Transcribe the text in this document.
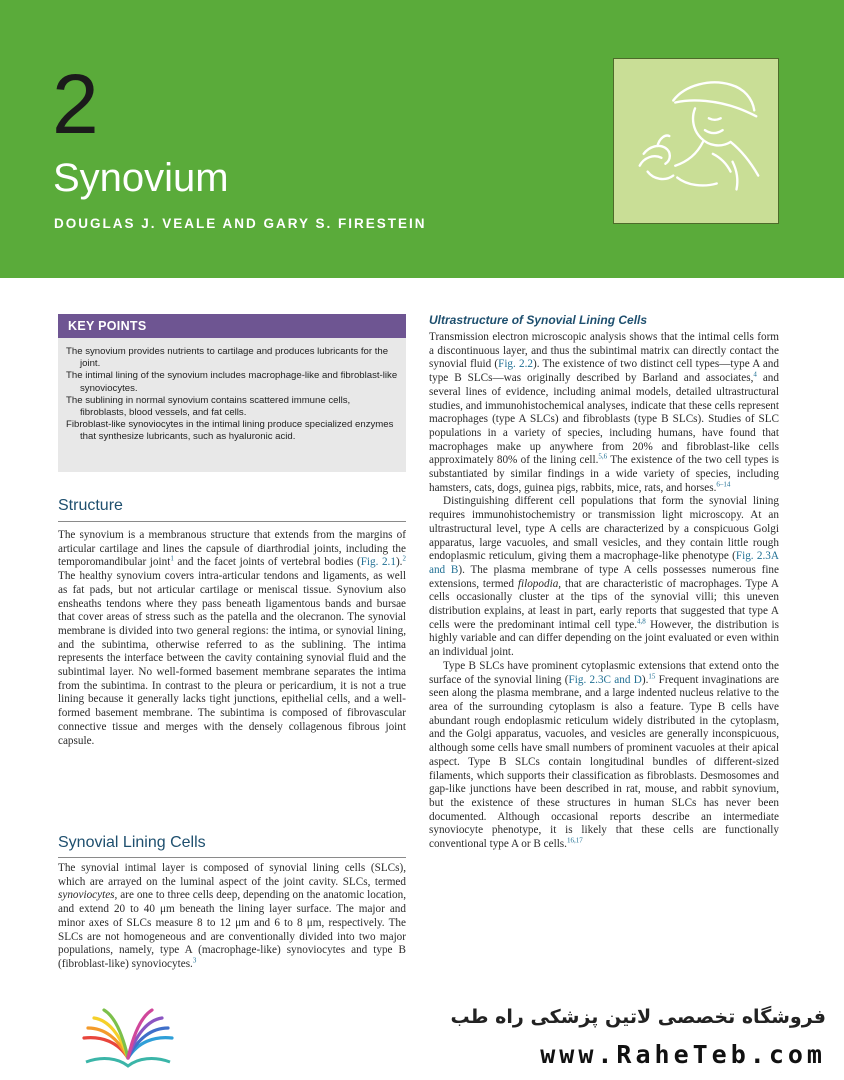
2
Synovium
DOUGLAS J. VEALE AND GARY S. FIRESTEIN
KEY POINTS
The synovium provides nutrients to cartilage and produces lubricants for the joint.
The intimal lining of the synovium includes macrophage-like and fibroblast-like synoviocytes.
The sublining in normal synovium contains scattered immune cells, fibroblasts, blood vessels, and fat cells.
Fibroblast-like synoviocytes in the intimal lining produce specialized enzymes that synthesize lubricants, such as hyaluronic acid.
Structure

The synovium is a membranous structure that extends from the margins of articular cartilage and lines the capsule of diarthrodial joints, including the temporomandibular joint$^1$ and the facet joints of vertebral bodies (Fig. 2.1).$^2$ The healthy synovium covers intra-articular tendons and ligaments, as well as fat pads, but not articular cartilage or meniscal tissue. Synovium also ensheaths tendons where they pass beneath ligamentous bands and bursae that cover areas of stress such as the patella and the olecranon. The synovial membrane is divided into two general regions: the intima, or synovial lining, and the subintima, otherwise referred to as the sublining. The intima represents the interface between the cavity containing synovial fluid and the subintimal layer. No well-formed basement membrane separates the intima from the subintima. In contrast to the pleura or pericardium, it is not a true lining because it generally lacks tight junctions, epithelial cells, and a well-formed basement membrane. The subintima is composed of fibrovascular connective tissue and merges with the densely collagenous fibrous joint capsule.

Synovial Lining Cells

The synovial intimal layer is composed of synovial lining cells (SLCs), which are arrayed on the luminal aspect of the joint cavity. SLCs, termed synoviocytes, are one to three cells deep, depending on the anatomic location, and extend 20 to 40 μm beneath the lining layer surface. The major and minor axes of SLCs measure 8 to 12 μm and 6 to 8 μm, respectively. The SLCs are not homogeneous and are conventionally divided into two major populations, namely, type A (macrophage-like) synoviocytes and type B (fibroblast-like) synoviocytes.$^3$

Ultrastructure of Synovial Lining Cells

Transmission electron microscopic analysis shows that the intimal cells form a discontinuous layer, and thus the subintimal matrix can directly contact the synovial fluid (Fig. 2.2). The existence of two distinct cell types—type A and type B SLCs—was originally described by Barland and associates,$^4$ and several lines of evidence, including animal models, detailed ultrastructural studies, and immunohistochemical analyses, indicate that these cells represent macrophages (type A SLCs) and fibroblasts (type B SLCs). Studies of SLC populations in a variety of species, including humans, have found that macrophages make up anywhere from 20% and fibroblast-like cells approximately 80% of the lining cell.$^{5,6}$ The existence of the two cell types is substantiated by similar findings in a wide variety of species, including hamsters, cats, dogs, guinea pigs, rabbits, mice, rats, and horses.$^{6-14}$

Distinguishing different cell populations that form the synovial lining requires immunohistochemistry or transmission light microscopy. At an ultrastructural level, type A cells are characterized by a conspicuous Golgi apparatus, large vacuoles, and small vesicles, and they contain little rough endoplasmic reticulum, giving them a macrophage-like phenotype (Fig. 2.3A and B). The plasma membrane of type A cells possesses numerous fine extensions, termed filopodia, that are characteristic of macrophages. Type A cells occasionally cluster at the tips of the synovial villi; this uneven distribution explains, at least in part, early reports that suggested that type A cells were the predominant intimal cell type.$^{4,8}$ However, the distribution is highly variable and can differ depending on the joint evaluated or even within an individual joint.

Type B SLCs have prominent cytoplasmic extensions that extend onto the surface of the synovial lining (Fig. 2.3C and D).$^{15}$ Frequent invaginations are seen along the plasma membrane, and a large indented nucleus relative to the area of the surrounding cytoplasm is also a feature. Type B cells have abundant rough endoplasmic reticulum widely distributed in the cytoplasm, and the Golgi apparatus, vacuoles, and vesicles are generally inconspicuous, although some cells have small numbers of prominent vacuoles at their apical aspect. Type B SLCs contain longitudinal bundles of different-sized filaments, which supports their classification as fibroblasts. Desmosomes and gap-like junctions have been described in rat, mouse, and rabbit synovium, but the existence of these structures in human SLCs has never been documented. Although occasional reports describe an intermediate synoviocyte phenotype, it is likely that these cells are functionally conventional type A or B cells.$^{16,17}$

فروشگاه تخصصی لاتین پزشکی راه طب
www.RaheTeb.com
